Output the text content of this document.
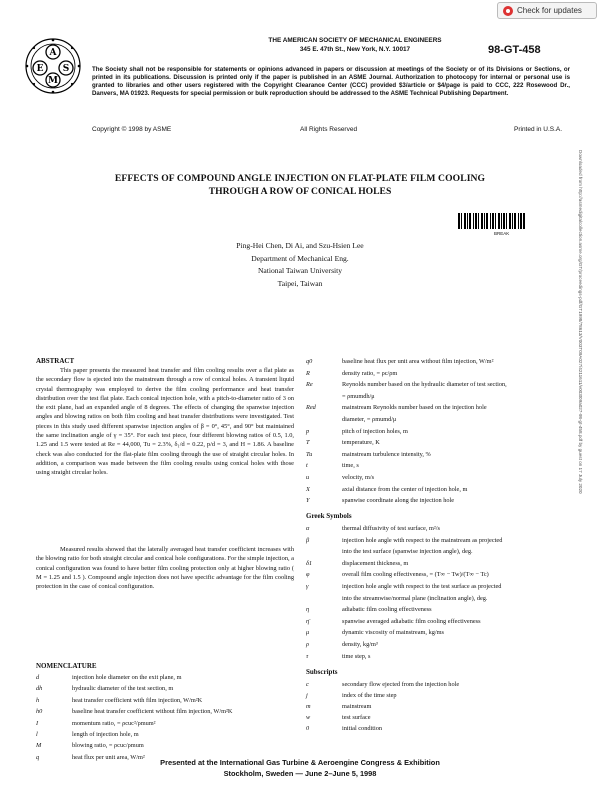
Check for updates
A
E S
M
THE AMERICAN SOCIETY OF MECHANICAL ENGINEERS
345 E. 47th St., New York, N.Y. 10017	98-GT-458
The Society shall not be responsible for statements or opinions advanced in papers or discussion at meetings of the Society or of its Divisions or Sections, or printed in its publications. Discussion is printed only if the paper is published in an ASME Journal. Authorization to photocopy for internal or personal use is granted to libraries and other users registered with the Copyright Clearance Center (CCC) provided $3/article or $4/page is paid to CCC, 222 Rosewood Dr., Danvers, MA 01923. Requests for special permission or bulk reproduction should be addressed to the ASME Technical Publishing Department.
Copyright © 1998 by ASME	All Rights Reserved	Printed in U.S.A.
Downloaded from http://asmedigitalcollection.asme.org/GT/proceedings-pdf/GT1998/78613/V003T09A027/4211611/v003t09a027-98-gt-458.pdf by guest on 17 July 2020
EFFECTS OF COMPOUND ANGLE INJECTION ON FLAT-PLATE FILM COOLING
THROUGH A ROW OF CONICAL HOLES
BREAK
Ping-Hei Chen, Di Ai, and Szu-Hsien Lee
Department of Mechanical Eng.
National Taiwan University
Taipei, Taiwan
ABSTRACT
This paper presents the measured heat transfer and film cooling results over a flat plate as the secondary flow is ejected into the mainstream through a row of conical holes. A transient liquid crystal thermography was employed to derive the film cooling performance and heat transfer distribution over the test flat plate. Each conical injection hole, with a pitch-to-diameter ratio of 3 on the exit plane, had an expanded angle of 8 degrees. The effects of changing the spanwise injection angles and blowing ratios on both film cooling and heat transfer distributions were investigated. Test pieces in this study used different spanwise injection angles of β = 0°, 45°, and 90° but maintained the same inclination angle of γ = 35°. For each test piece, four different blowing ratios of 0.5, 1.0, 1.25 and 1.5 were tested at Re = 44,000, Tu = 2.3%, δ₁/d = 0.22, p/d = 3, and H = 1.86. A baseline check was also conducted for the flat-plate film cooling through the use of straight circular holes. In addition, a comparison was made between the film cooling results using conical holes with those using straight circular holes.
Measured results showed that the laterally averaged heat transfer coefficient increases with the blowing ratio for both straight circular and conical hole configurations. For the simple injection, a conical configuration was found to have better film cooling protection only at higher blowing ratio ( M = 1.25 and 1.5 ). Compound angle injection does not have specific advantage for the film cooling protection in the case of conical configuration.
NOMENCLATURE
d	injection hole diameter on the exit plane, m
dh	hydraulic diameter of the test section, m
h	heat transfer coefficient with film injection, W/m²K
h0	baseline heat transfer coefficient without film injection, W/m²K
I	momentum ratio, = ρcuc²/ρmum²
l	length of injection hole, m
M	blowing ratio, = ρcuc/ρmum
q	heat flux per unit area, W/m²
q0	baseline heat flux per unit area without film injection, W/m²
R	density ratio, = ρc/ρm
Re	Reynolds number based on the hydraulic diameter of test section,
= ρmumdh/μ
Red	mainstream Reynolds number based on the injection hole
diameter, = ρmumd/μ
p	pitch of injection holes, m
T	temperature, K
Tu	mainstream turbulence intensity, %
t	time, s
u	velocity, m/s
X	axial distance from the center of injection hole, m
Y	spanwise coordinate along the injection hole
Greek Symbols
α	thermal diffusivity of test surface, m²/s
β	injection hole angle with respect to the mainstream as projected
into the test surface (spanwise injection angle), deg.
δ1	displacement thickness, m
φ	overall film cooling effectiveness, = (T∞ − Tw)/(T∞ − Tc)
γ	injection hole angle with respect to the test surface as projected
into the streamwise/normal plane (inclination angle), deg.
η	adiabatic film cooling effectiveness
η̄	spanwise averaged adiabatic film cooling effectiveness
μ	dynamic viscosity of mainstream, kg/ms
ρ	density, kg/m³
τ	time step, s
Subscripts
c	secondary flow ejected from the injection hole
j	index of the time step
m	mainstream
w	test surface
0	initial condition
Presented at the International Gas Turbine & Aeroengine Congress & Exhibition
Stockholm, Sweden — June 2–June 5, 1998
